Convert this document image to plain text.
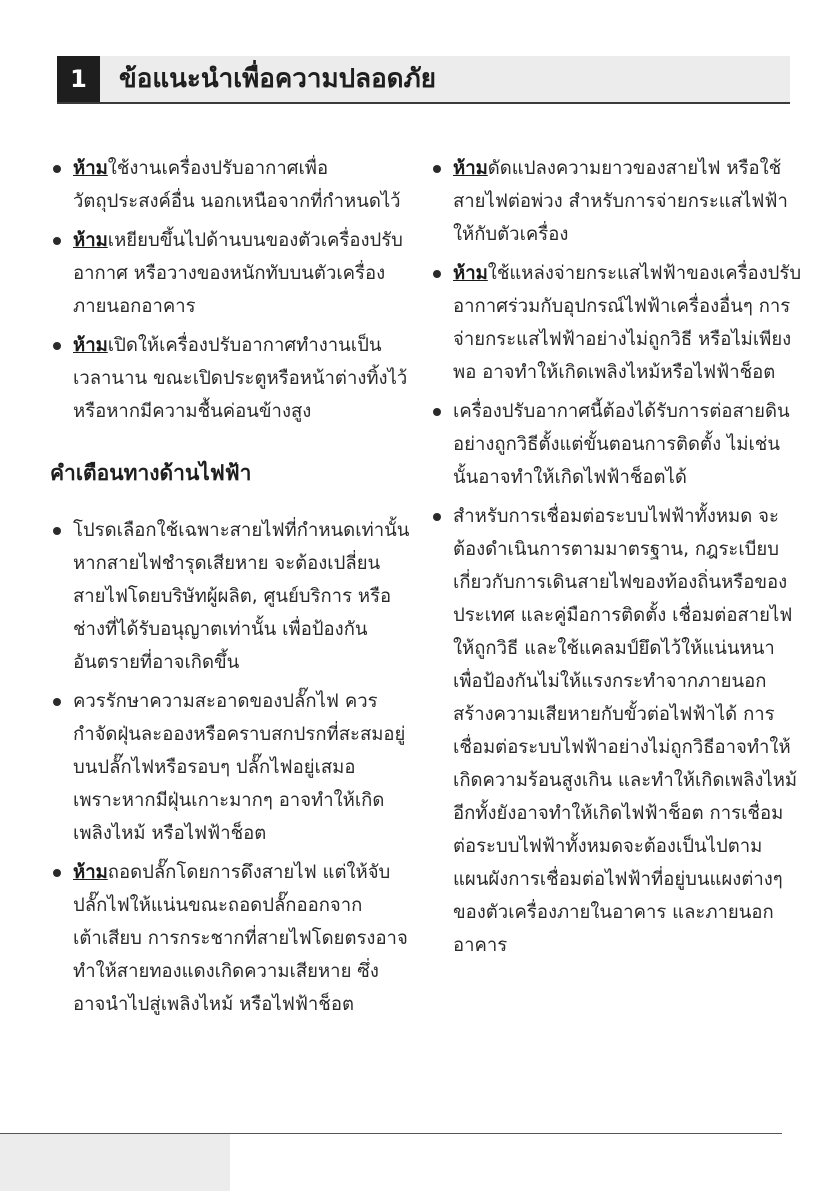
1	ข้อแนะนำเพื่อความปลอดภัย
ห้ามใช้งานเครื่องปรับอากาศเพื่อวัตถุประสงค์อื่น นอกเหนือจากที่กำหนดไว้
ห้ามเหยียบขึ้นไปด้านบนของตัวเครื่องปรับอากาศ หรือวางของหนักทับบนตัวเครื่องภายนอกอาคาร
ห้ามเปิดให้เครื่องปรับอากาศทำงานเป็นเวลานาน ขณะเปิดประตูหรือหน้าต่างทิ้งไว้ หรือหากมีความชื้นค่อนข้างสูง
คำเตือนทางด้านไฟฟ้า
โปรดเลือกใช้เฉพาะสายไฟที่กำหนดเท่านั้น หากสายไฟชำรุดเสียหาย จะต้องเปลี่ยนสายไฟโดยบริษัทผู้ผลิต, ศูนย์บริการ หรือช่างที่ได้รับอนุญาตเท่านั้น เพื่อป้องกันอันตรายที่อาจเกิดขึ้น
ควรรักษาความสะอาดของปลั๊กไฟ ควรกำจัดฝุ่นละอองหรือคราบสกปรกที่สะสมอยู่บนปลั๊กไฟหรือรอบๆ ปลั๊กไฟอยู่เสมอ เพราะหากมีฝุ่นเกาะมากๆ อาจทำให้เกิดเพลิงไหม้ หรือไฟฟ้าช็อต
ห้ามถอดปลั๊กโดยการดึงสายไฟ แต่ให้จับปลั๊กไฟให้แน่นขณะถอดปลั๊กออกจากเต้าเสียบ การกระชากที่สายไฟโดยตรงอาจทำให้สายทองแดงเกิดความเสียหาย ซึ่งอาจนำไปสู่เพลิงไหม้ หรือไฟฟ้าช็อต
ห้ามดัดแปลงความยาวของสายไฟ หรือใช้สายไฟต่อพ่วง สำหรับการจ่ายกระแสไฟฟ้าให้กับตัวเครื่อง
ห้ามใช้แหล่งจ่ายกระแสไฟฟ้าของเครื่องปรับอากาศร่วมกับอุปกรณ์ไฟฟ้าเครื่องอื่นๆ การจ่ายกระแสไฟฟ้าอย่างไม่ถูกวิธี หรือไม่เพียงพอ อาจทำให้เกิดเพลิงไหม้หรือไฟฟ้าช็อต
เครื่องปรับอากาศนี้ต้องได้รับการต่อสายดินอย่างถูกวิธีตั้งแต่ขั้นตอนการติดตั้ง ไม่เช่นนั้นอาจทำให้เกิดไฟฟ้าช็อตได้
สำหรับการเชื่อมต่อระบบไฟฟ้าทั้งหมด จะต้องดำเนินการตามมาตรฐาน, กฎระเบียบเกี่ยวกับการเดินสายไฟของท้องถิ่นหรือของประเทศ และคู่มือการติดตั้ง เชื่อมต่อสายไฟให้ถูกวิธี และใช้แคลมป์ยึดไว้ให้แน่นหนา เพื่อป้องกันไม่ให้แรงกระทำจากภายนอกสร้างความเสียหายกับขั้วต่อไฟฟ้าได้ การเชื่อมต่อระบบไฟฟ้าอย่างไม่ถูกวิธีอาจทำให้เกิดความร้อนสูงเกิน และทำให้เกิดเพลิงไหม้ อีกทั้งยังอาจทำให้เกิดไฟฟ้าช็อต การเชื่อมต่อระบบไฟฟ้าทั้งหมดจะต้องเป็นไปตามแผนผังการเชื่อมต่อไฟฟ้าที่อยู่บนแผงต่างๆ ของตัวเครื่องภายในอาคาร และภายนอกอาคาร
